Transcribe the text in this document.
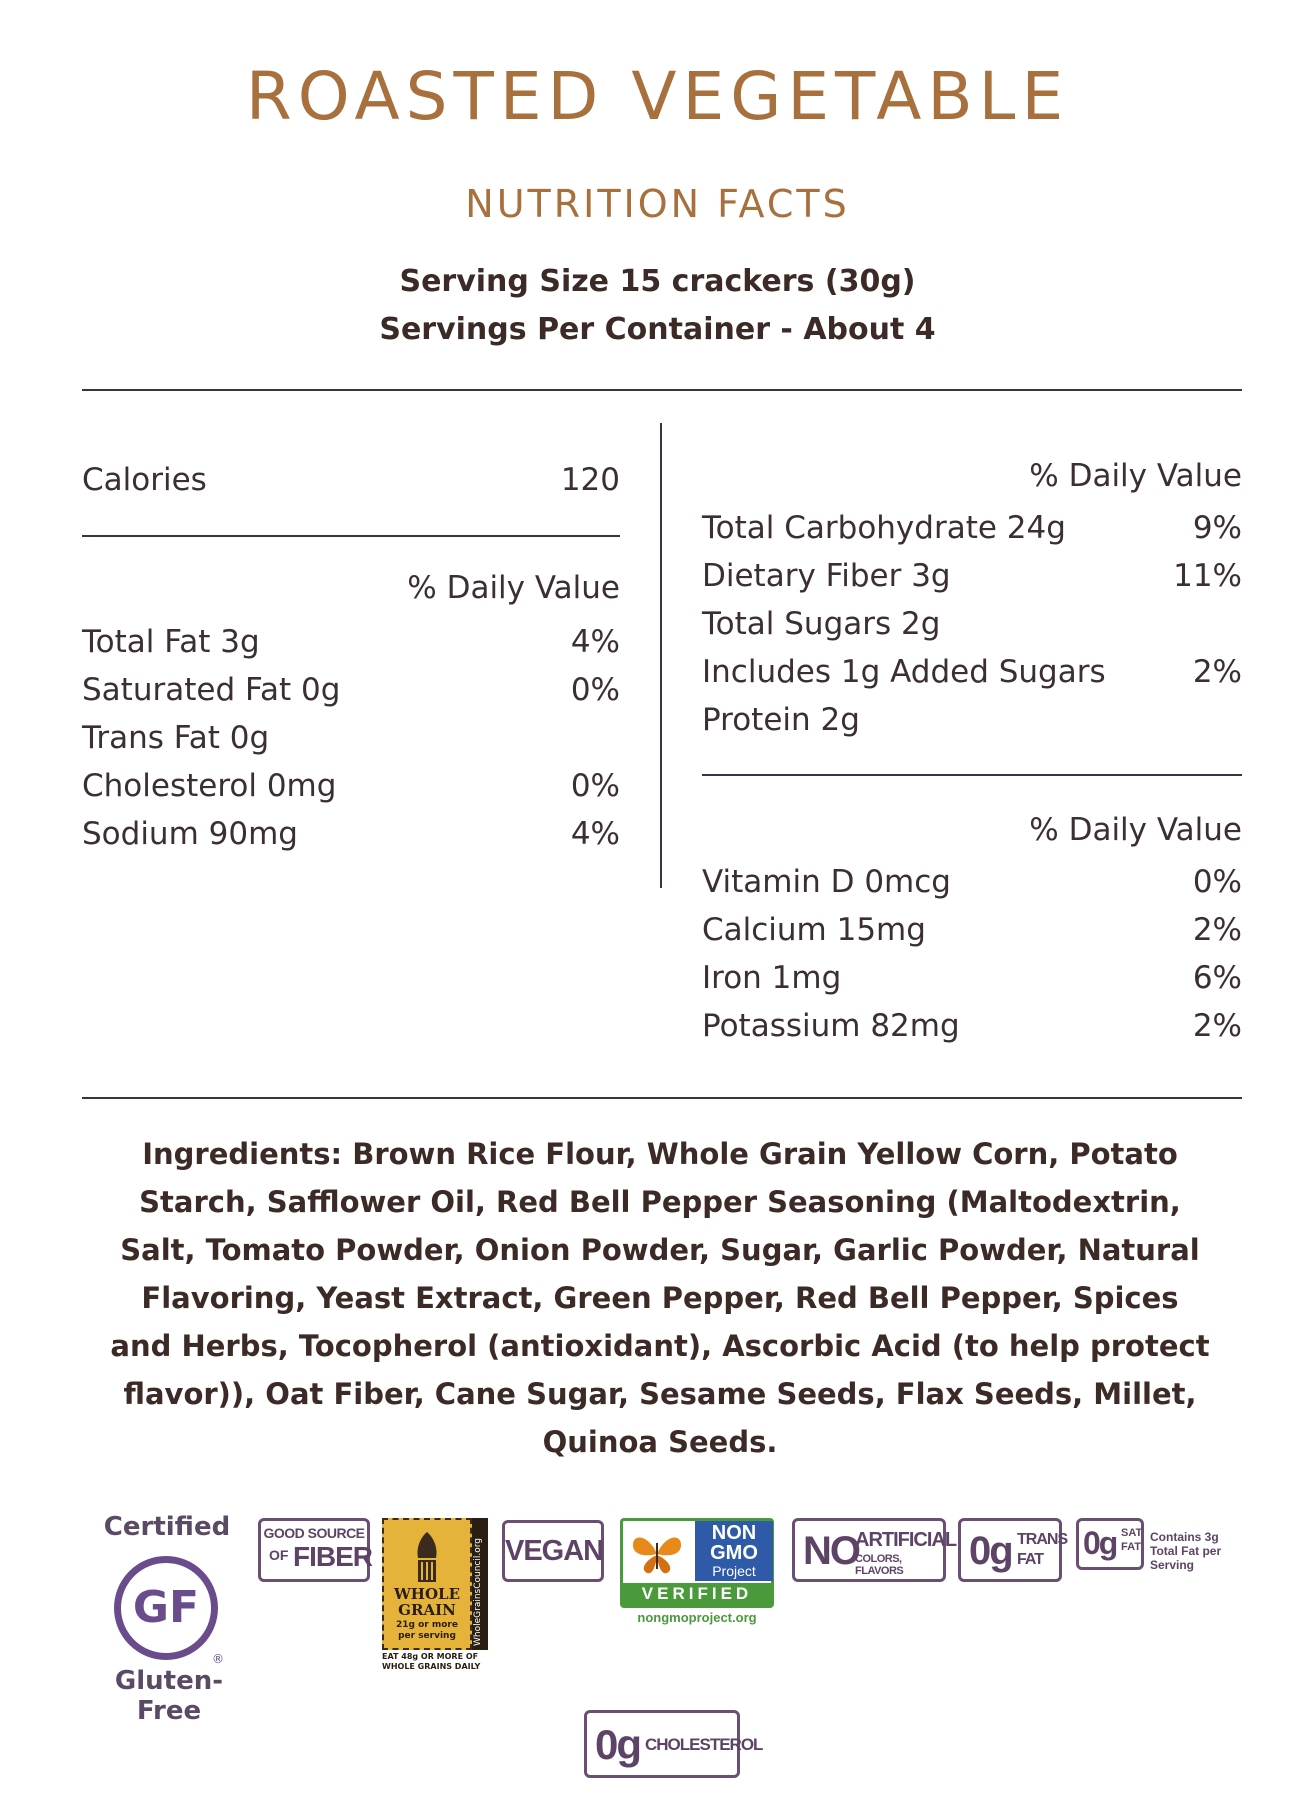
ROASTED VEGETABLE
NUTRITION FACTS
Serving Size 15 crackers (30g)
Servings Per Container - About 4
Calories	120
% Daily Value
Total Fat 3g	4%
Saturated Fat 0g	0%
Trans Fat 0g
Cholesterol 0mg	0%
Sodium 90mg	4%
% Daily Value
Total Carbohydrate 24g	9%
Dietary Fiber 3g	11%
Total Sugars 2g
Includes 1g Added Sugars	2%
Protein 2g
% Daily Value
Vitamin D 0mcg	0%
Calcium 15mg	2%
Iron 1mg	6%
Potassium 82mg	2%
Ingredients: Brown Rice Flour, Whole Grain Yellow Corn, Potato Starch, Safflower Oil, Red Bell Pepper Seasoning (Maltodextrin, Salt, Tomato Powder, Onion Powder, Sugar, Garlic Powder, Natural Flavoring, Yeast Extract, Green Pepper, Red Bell Pepper, Spices and Herbs, Tocopherol (antioxidant), Ascorbic Acid (to help protect flavor)), Oat Fiber, Cane Sugar, Sesame Seeds, Flax Seeds, Millet, Quinoa Seeds.
Certified
GF
®
Gluten-Free
GOOD SOURCE
OF FIBER
WHOLE
GRAIN
21g or more
per serving	WholeGrainsCouncil.org
EAT 48g OR MORE OF WHOLE GRAINS DAILY
VEGAN
NON
GMO
Project
VERIFIED
nongmoproject.org
NO
ARTIFICIAL
COLORS, FLAVORS	0g TRANS
FAT 0g SAT
FAT
Contains 3g Total Fat per Serving
0g CHOLESTEROL
